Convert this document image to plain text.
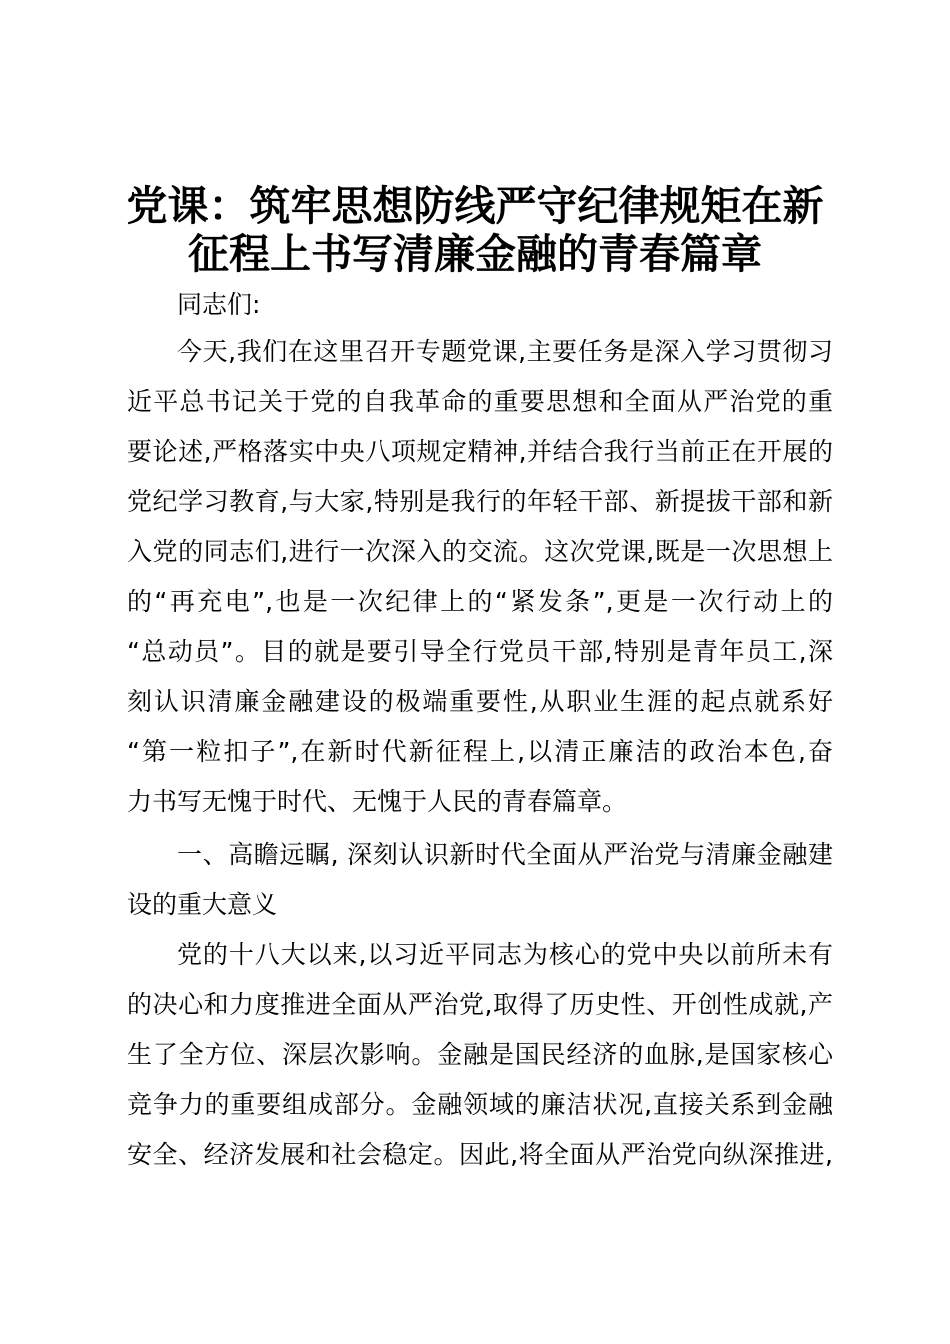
党课：筑牢思想防线严守纪律规矩在新
征程上书写清廉金融的青春篇章

同志们:

今天,我们在这里召开专题党课,主要任务是深入学习贯彻习
近平总书记关于党的自我革命的重要思想和全面从严治党的重
要论述,严格落实中央八项规定精神,并结合我行当前正在开展的
党纪学习教育,与大家,特别是我行的年轻干部、新提拔干部和新
入党的同志们,进行一次深入的交流。这次党课,既是一次思想上
的“再充电”,也是一次纪律上的“紧发条”,更是一次行动上的
“总动员”。目的就是要引导全行党员干部,特别是青年员工,深
刻认识清廉金融建设的极端重要性,从职业生涯的起点就系好
“第一粒扣子”,在新时代新征程上,以清正廉洁的政治本色,奋
力书写无愧于时代、无愧于人民的青春篇章。
一、高瞻远瞩, 深刻认识新时代全面从严治党与清廉金融建
设的重大意义
党的十八大以来,以习近平同志为核心的党中央以前所未有
的决心和力度推进全面从严治党,取得了历史性、开创性成就,产
生了全方位、深层次影响。金融是国民经济的血脉,是国家核心
竞争力的重要组成部分。金融领域的廉洁状况,直接关系到金融
安全、经济发展和社会稳定。因此,将全面从严治党向纵深推进,
